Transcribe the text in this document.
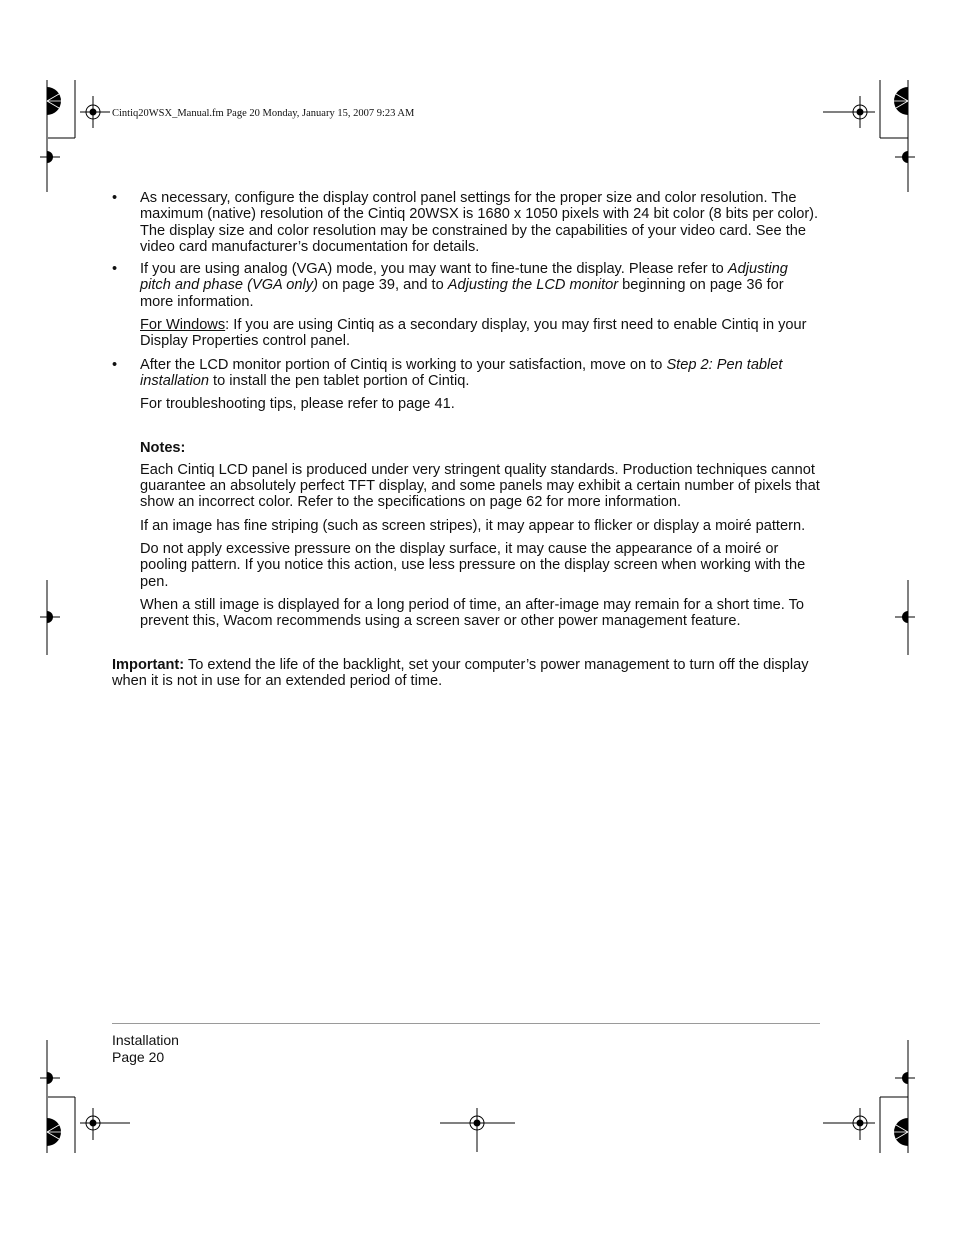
Cintiq20WSX_Manual.fm Page 20 Monday, January 15, 2007 9:23 AM
• As necessary, configure the display control panel settings for the proper size and color resolution. The maximum (native) resolution of the Cintiq 20WSX is 1680 x 1050 pixels with 24 bit color (8 bits per color). The display size and color resolution may be constrained by the capabilities of your video card. See the video card manufacturer’s documentation for details.

• If you are using analog (VGA) mode, you may want to fine-tune the display. Please refer to Adjusting pitch and phase (VGA only) on page 39, and to Adjusting the LCD monitor beginning on page 36 for more information.

For Windows: If you are using Cintiq as a secondary display, you may first need to enable Cintiq in your Display Properties control panel.

• After the LCD monitor portion of Cintiq is working to your satisfaction, move on to Step 2: Pen tablet installation to install the pen tablet portion of Cintiq.

For troubleshooting tips, please refer to page 41.

Notes:

Each Cintiq LCD panel is produced under very stringent quality standards. Production techniques cannot guarantee an absolutely perfect TFT display, and some panels may exhibit a certain number of pixels that show an incorrect color. Refer to the specifications on page 62 for more information.

If an image has fine striping (such as screen stripes), it may appear to flicker or display a moiré pattern.

Do not apply excessive pressure on the display surface, it may cause the appearance of a moiré or pooling pattern. If you notice this action, use less pressure on the display screen when working with the pen.

When a still image is displayed for a long period of time, an after-image may remain for a short time. To prevent this, Wacom recommends using a screen saver or other power management feature.

Important: To extend the life of the backlight, set your computer’s power management to turn off the display when it is not in use for an extended period of time.

Installation
Page 20
